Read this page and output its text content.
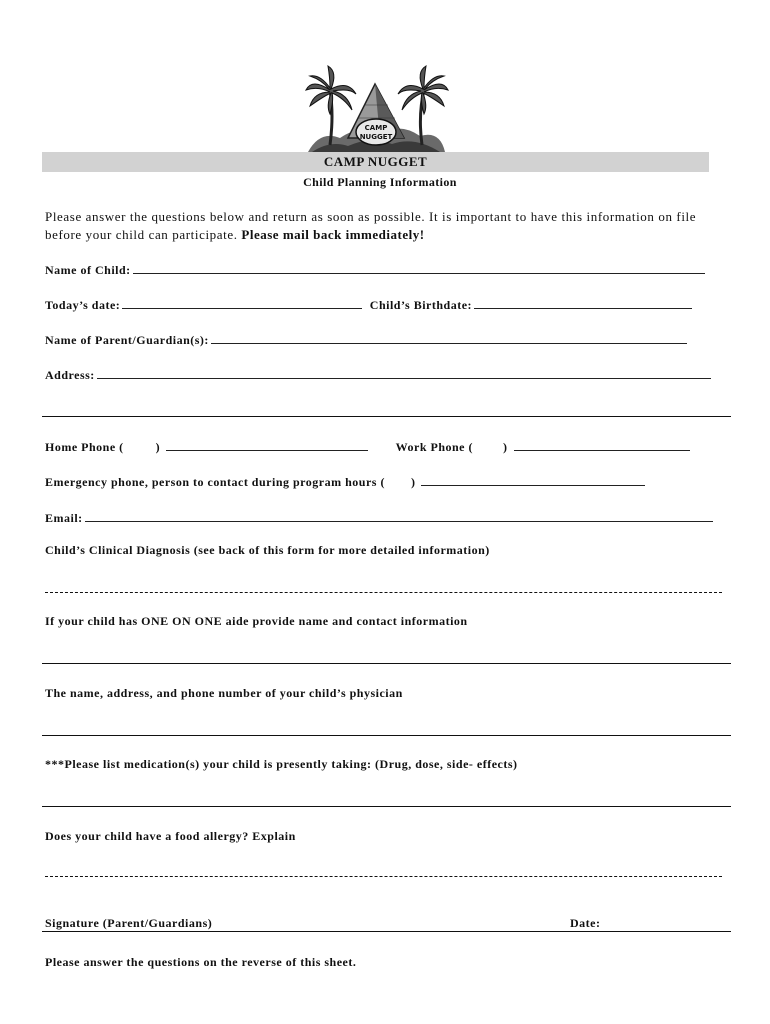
CAMP
NUGGET
CAMP NUGGET
Child Planning Information
Please answer the questions below and return as soon as possible. It is important to have this information on file before your child can participate. Please mail back immediately!
Name of Child:
Today’s date:	Child’s Birthdate:
Name of Parent/Guardian(s):
Address:
Home Phone (	)	Work Phone (	)
Emergency phone, person to contact during program hours ( )
Email:
Child’s Clinical Diagnosis (see back of this form for more detailed information)
If your child has ONE ON ONE aide provide name and contact information
The name, address, and phone number of your child’s physician
***Please list medication(s) your child is presently taking: (Drug, dose, side- effects)
Does your child have a food allergy? Explain
Signature (Parent/Guardians)	Date:
Please answer the questions on the reverse of this sheet.
